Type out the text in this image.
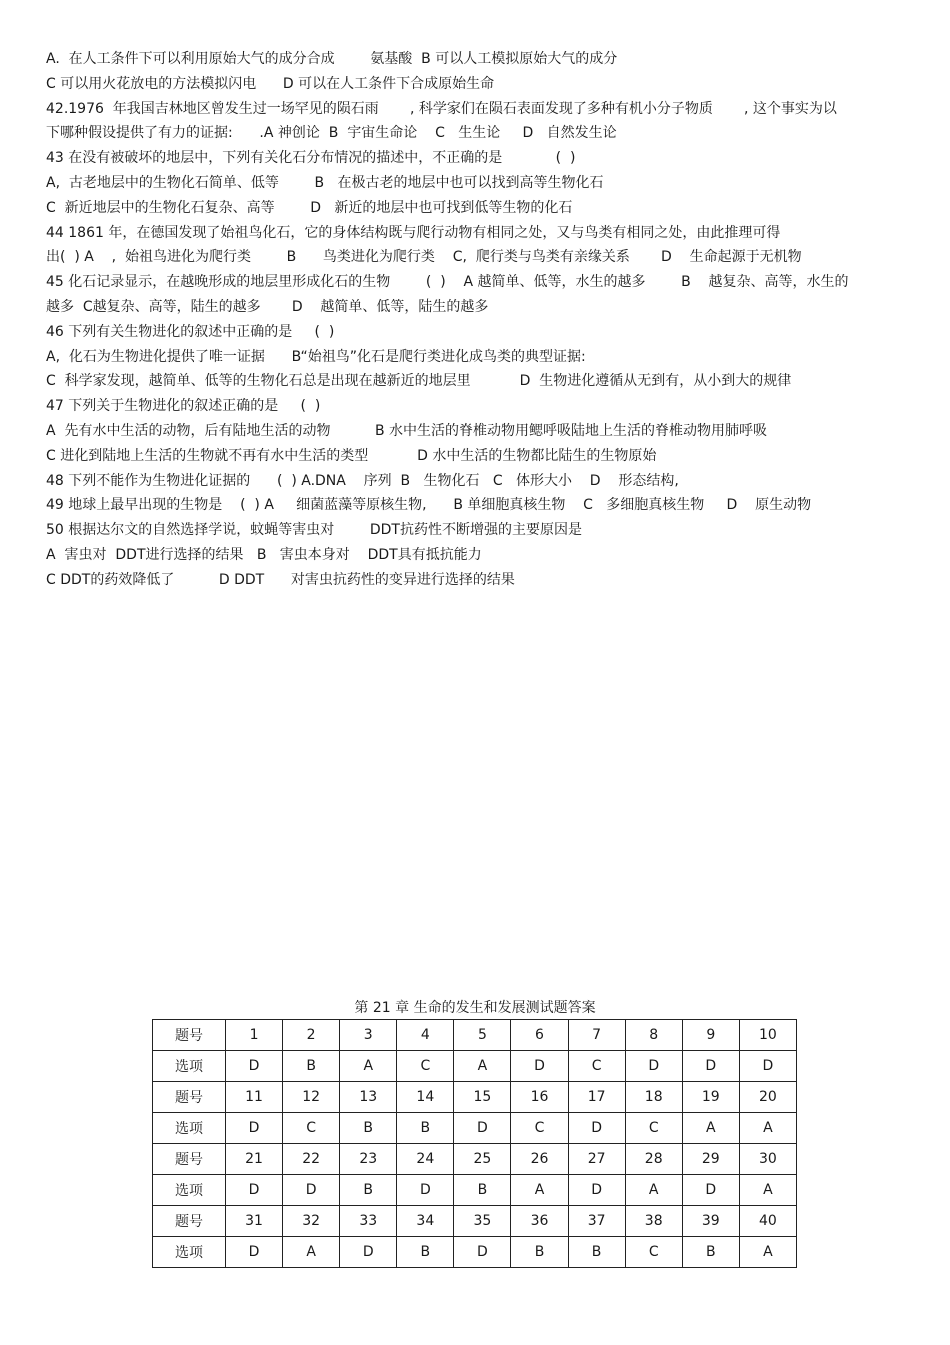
A.  在人工条件下可以利用原始大气的成分合成        氨基酸  B 可以人工模拟原始大气的成分
C 可以用火花放电的方法模拟闪电      D 可以在人工条件下合成原始生命
42.1976  年我国吉林地区曾发生过一场罕见的陨石雨       , 科学家们在陨石表面发现了多种有机小分子物质       , 这个事实为以
下哪种假设提供了有力的证据:      .A 神创论  B  宇宙生命论    C   生生论     D   自然发生论
43 在没有被破坏的地层中，下列有关化石分布情况的描述中，不正确的是            (  )
A,  古老地层中的生物化石简单、低等        B   在极古老的地层中也可以找到高等生物化石
C  新近地层中的生物化石复杂、高等        D   新近的地层中也可找到低等生物的化石
44 1861 年，在德国发现了始祖鸟化石，它的身体结构既与爬行动物有相同之处，又与鸟类有相同之处，由此推理可得
出(  ) A    ,  始祖鸟进化为爬行类        B      鸟类进化为爬行类    C,  爬行类与鸟类有亲缘关系       D    生命起源于无机物
45 化石记录显示，在越晚形成的地层里形成化石的生物        (  )    A 越简单、低等，水生的越多        B    越复杂、高等，水生的
越多  C越复杂、高等，陆生的越多       D    越简单、低等，陆生的越多
46 下列有关生物进化的叙述中正确的是     (  )
A,  化石为生物进化提供了唯一证据      B“始祖鸟”化石是爬行类进化成鸟类的典型证据:
C  科学家发现，越简单、低等的生物化石总是出现在越新近的地层里           D  生物进化遵循从无到有，从小到大的规律
47 下列关于生物进化的叙述正确的是     (  )
A  先有水中生活的动物，后有陆地生活的动物          B 水中生活的脊椎动物用鳃呼吸陆地上生活的脊椎动物用肺呼吸
C 进化到陆地上生活的生物就不再有水中生活的类型           D 水中生活的生物都比陆生的生物原始
48 下列不能作为生物进化证据的      (  ) A.DNA    序列  B   生物化石   C   体形大小    D    形态结构,
49 地球上最早出现的生物是    (  ) A     细菌蓝藻等原核生物,      B 单细胞真核生物    C   多细胞真核生物     D    原生动物
50 根据达尔文的自然选择学说，蚊蝇等害虫对        DDT抗药性不断增强的主要原因是
A  害虫对  DDT进行选择的结果   B   害虫本身对    DDT具有抵抗能力
C DDT的药效降低了          D DDT      对害虫抗药性的变异进行选择的结果
第 21 章 生命的发生和发展测试题答案
题号	1	2	3	4	5	6	7	8	9	10
选项	D	B	A	C	A	D	C	D	D	D
题号	11	12	13	14	15	16	17	18	19	20
选项	D	C	B	B	D	C	D	C	A	A
题号	21	22	23	24	25	26	27	28	29	30
选项	D	D	B	D	B	A	D	A	D	A
题号	31	32	33	34	35	36	37	38	39	40
选项	D	A	D	B	D	B	B	C	B	A
